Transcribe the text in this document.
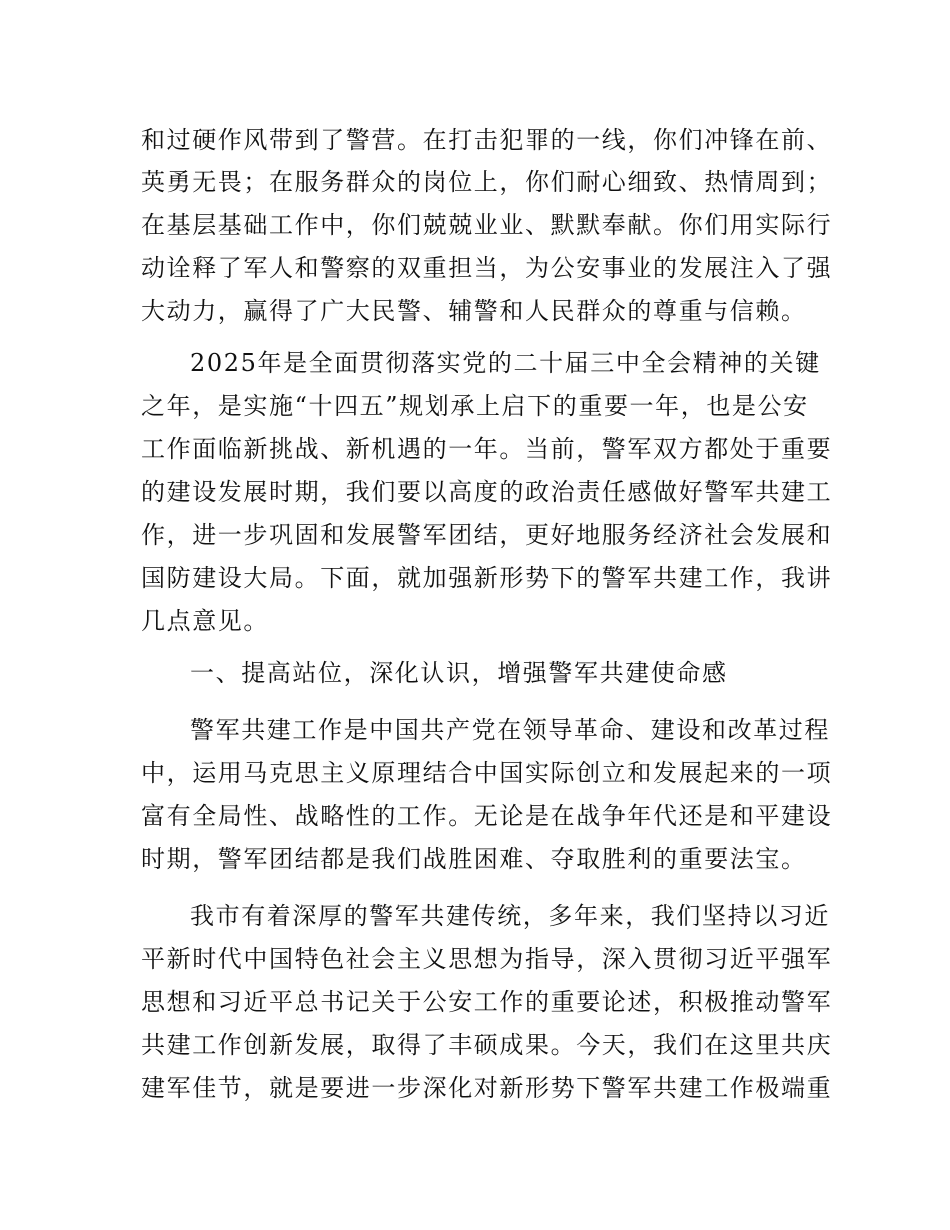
和过硬作风带到了警营。在打击犯罪的一线，你们冲锋在前、

英勇无畏；在服务群众的岗位上，你们耐心细致、热情周到；

在基层基础工作中，你们兢兢业业、默默奉献。你们用实际行

动诠释了军人和警察的双重担当，为公安事业的发展注入了强

大动力，赢得了广大民警、辅警和人民群众的尊重与信赖。

2025年是全面贯彻落实党的二十届三中全会精神的关键

之年，是实施“十四五”规划承上启下的重要一年，也是公安

工作面临新挑战、新机遇的一年。当前，警军双方都处于重要

的建设发展时期，我们要以高度的政治责任感做好警军共建工

作，进一步巩固和发展警军团结，更好地服务经济社会发展和

国防建设大局。下面，就加强新形势下的警军共建工作，我讲

几点意见。

一、提高站位，深化认识，增强警军共建使命感

警军共建工作是中国共产党在领导革命、建设和改革过程

中，运用马克思主义原理结合中国实际创立和发展起来的一项

富有全局性、战略性的工作。无论是在战争年代还是和平建设

时期，警军团结都是我们战胜困难、夺取胜利的重要法宝。

我市有着深厚的警军共建传统，多年来，我们坚持以习近

平新时代中国特色社会主义思想为指导，深入贯彻习近平强军

思想和习近平总书记关于公安工作的重要论述，积极推动警军

共建工作创新发展，取得了丰硕成果。今天，我们在这里共庆

建军佳节，就是要进一步深化对新形势下警军共建工作极端重
